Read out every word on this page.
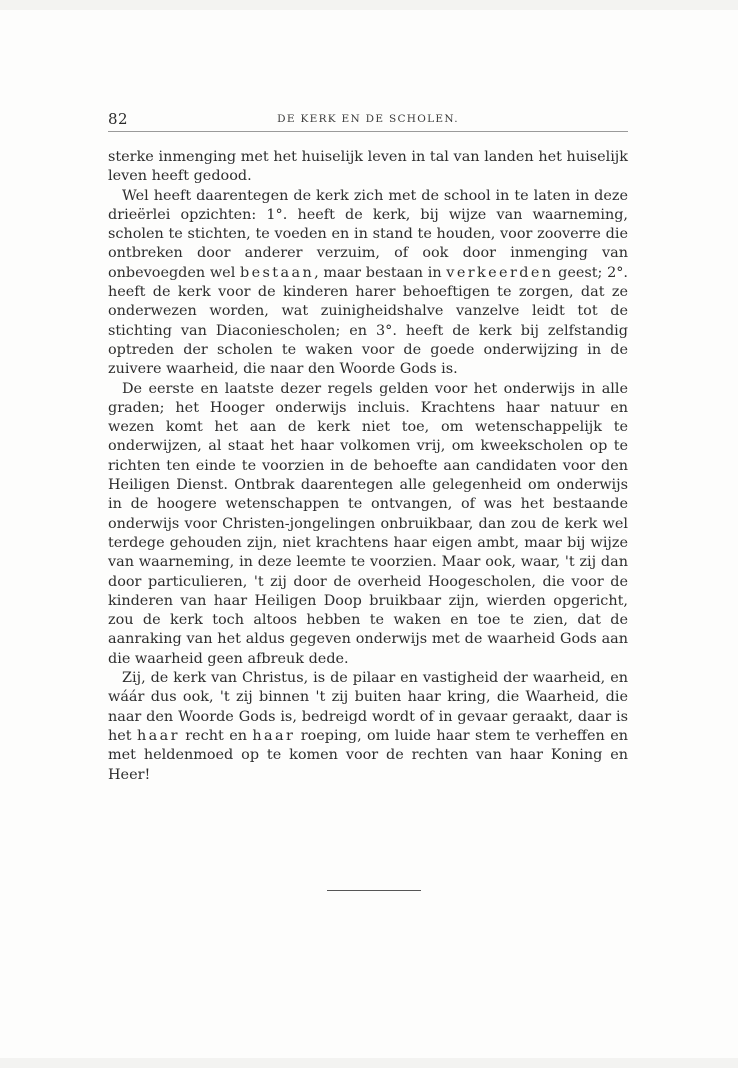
82	DE KERK EN DE SCHOLEN.

sterke inmenging met het huiselijk leven in tal van landen het huiselijk leven heeft gedood.

Wel heeft daarentegen de kerk zich met de school in te laten in deze drieërlei opzichten: 1°. heeft de kerk, bij wijze van waarneming, scholen te stichten, te voeden en in stand te houden, voor zooverre die ontbreken door anderer verzuim, of ook door inmenging van onbevoegden wel bestaan, maar bestaan in verkeerden geest; 2°. heeft de kerk voor de kinderen harer behoeftigen te zorgen, dat ze onderwezen worden, wat zuinigheidshalve vanzelve leidt tot de stichting van Diaconiescholen; en 3°. heeft de kerk bij zelfstandig optreden der scholen te waken voor de goede onderwijzing in de zuivere waarheid, die naar den Woorde Gods is.

De eerste en laatste dezer regels gelden voor het onderwijs in alle graden; het Hooger onderwijs incluis. Krachtens haar natuur en wezen komt het aan de kerk niet toe, om wetenschappelijk te onderwijzen, al staat het haar volkomen vrij, om kweekscholen op te richten ten einde te voorzien in de behoefte aan candidaten voor den Heiligen Dienst. Ontbrak daarentegen alle gelegenheid om onderwijs in de hoogere wetenschappen te ontvangen, of was het bestaande onderwijs voor Christen-jongelingen onbruikbaar, dan zou de kerk wel terdege gehouden zijn, niet krachtens haar eigen ambt, maar bij wijze van waarneming, in deze leemte te voorzien. Maar ook, waar, 't zij dan door particulieren, 't zij door de overheid Hoogescholen, die voor de kinderen van haar Heiligen Doop bruikbaar zijn, wierden opgericht, zou de kerk toch altoos hebben te waken en toe te zien, dat de aanraking van het aldus gegeven onderwijs met de waarheid Gods aan die waarheid geen afbreuk dede.

Zij, de kerk van Christus, is de pilaar en vastigheid der waarheid, en wáár dus ook, 't zij binnen 't zij buiten haar kring, die Waarheid, die naar den Woorde Gods is, bedreigd wordt of in gevaar geraakt, daar is het haar recht en haar roeping, om luide haar stem te verheffen en met heldenmoed op te komen voor de rechten van haar Koning en Heer!
